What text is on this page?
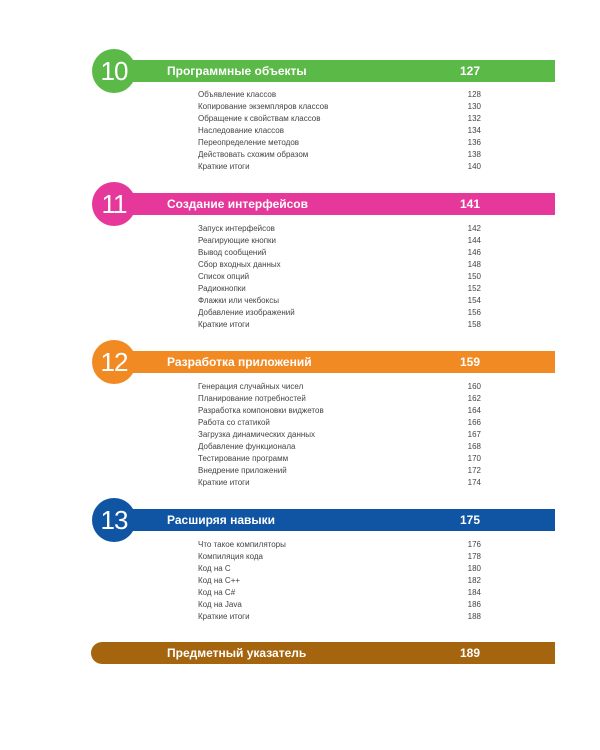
10	Программные объекты	127
Объявление классов	128
Копирование экземпляров классов	130
Обращение к свойствам классов	132
Наследование классов	134
Переопределение методов	136
Действовать схожим образом	138
Краткие итоги	140
11	Создание интерфейсов	141
Запуск интерфейсов	142
Реагирующие кнопки	144
Вывод сообщений	146
Сбор входных данных	148
Список опций	150
Радиокнопки	152
Флажки или чекбоксы	154
Добавление изображений	156
Краткие итоги	158
12	Разработка приложений	159
Генерация случайных чисел	160
Планирование потребностей	162
Разработка компоновки виджетов	164
Работа со статикой	166
Загрузка динамических данных	167
Добавление функционала	168
Тестирование программ	170
Внедрение приложений	172
Краткие итоги	174
13	Расширяя навыки	175
Что такое компиляторы	176
Компиляция кода	178
Код на C	180
Код на C++	182
Код на C#	184
Код на Java	186
Краткие итоги	188
Предметный указатель	189
